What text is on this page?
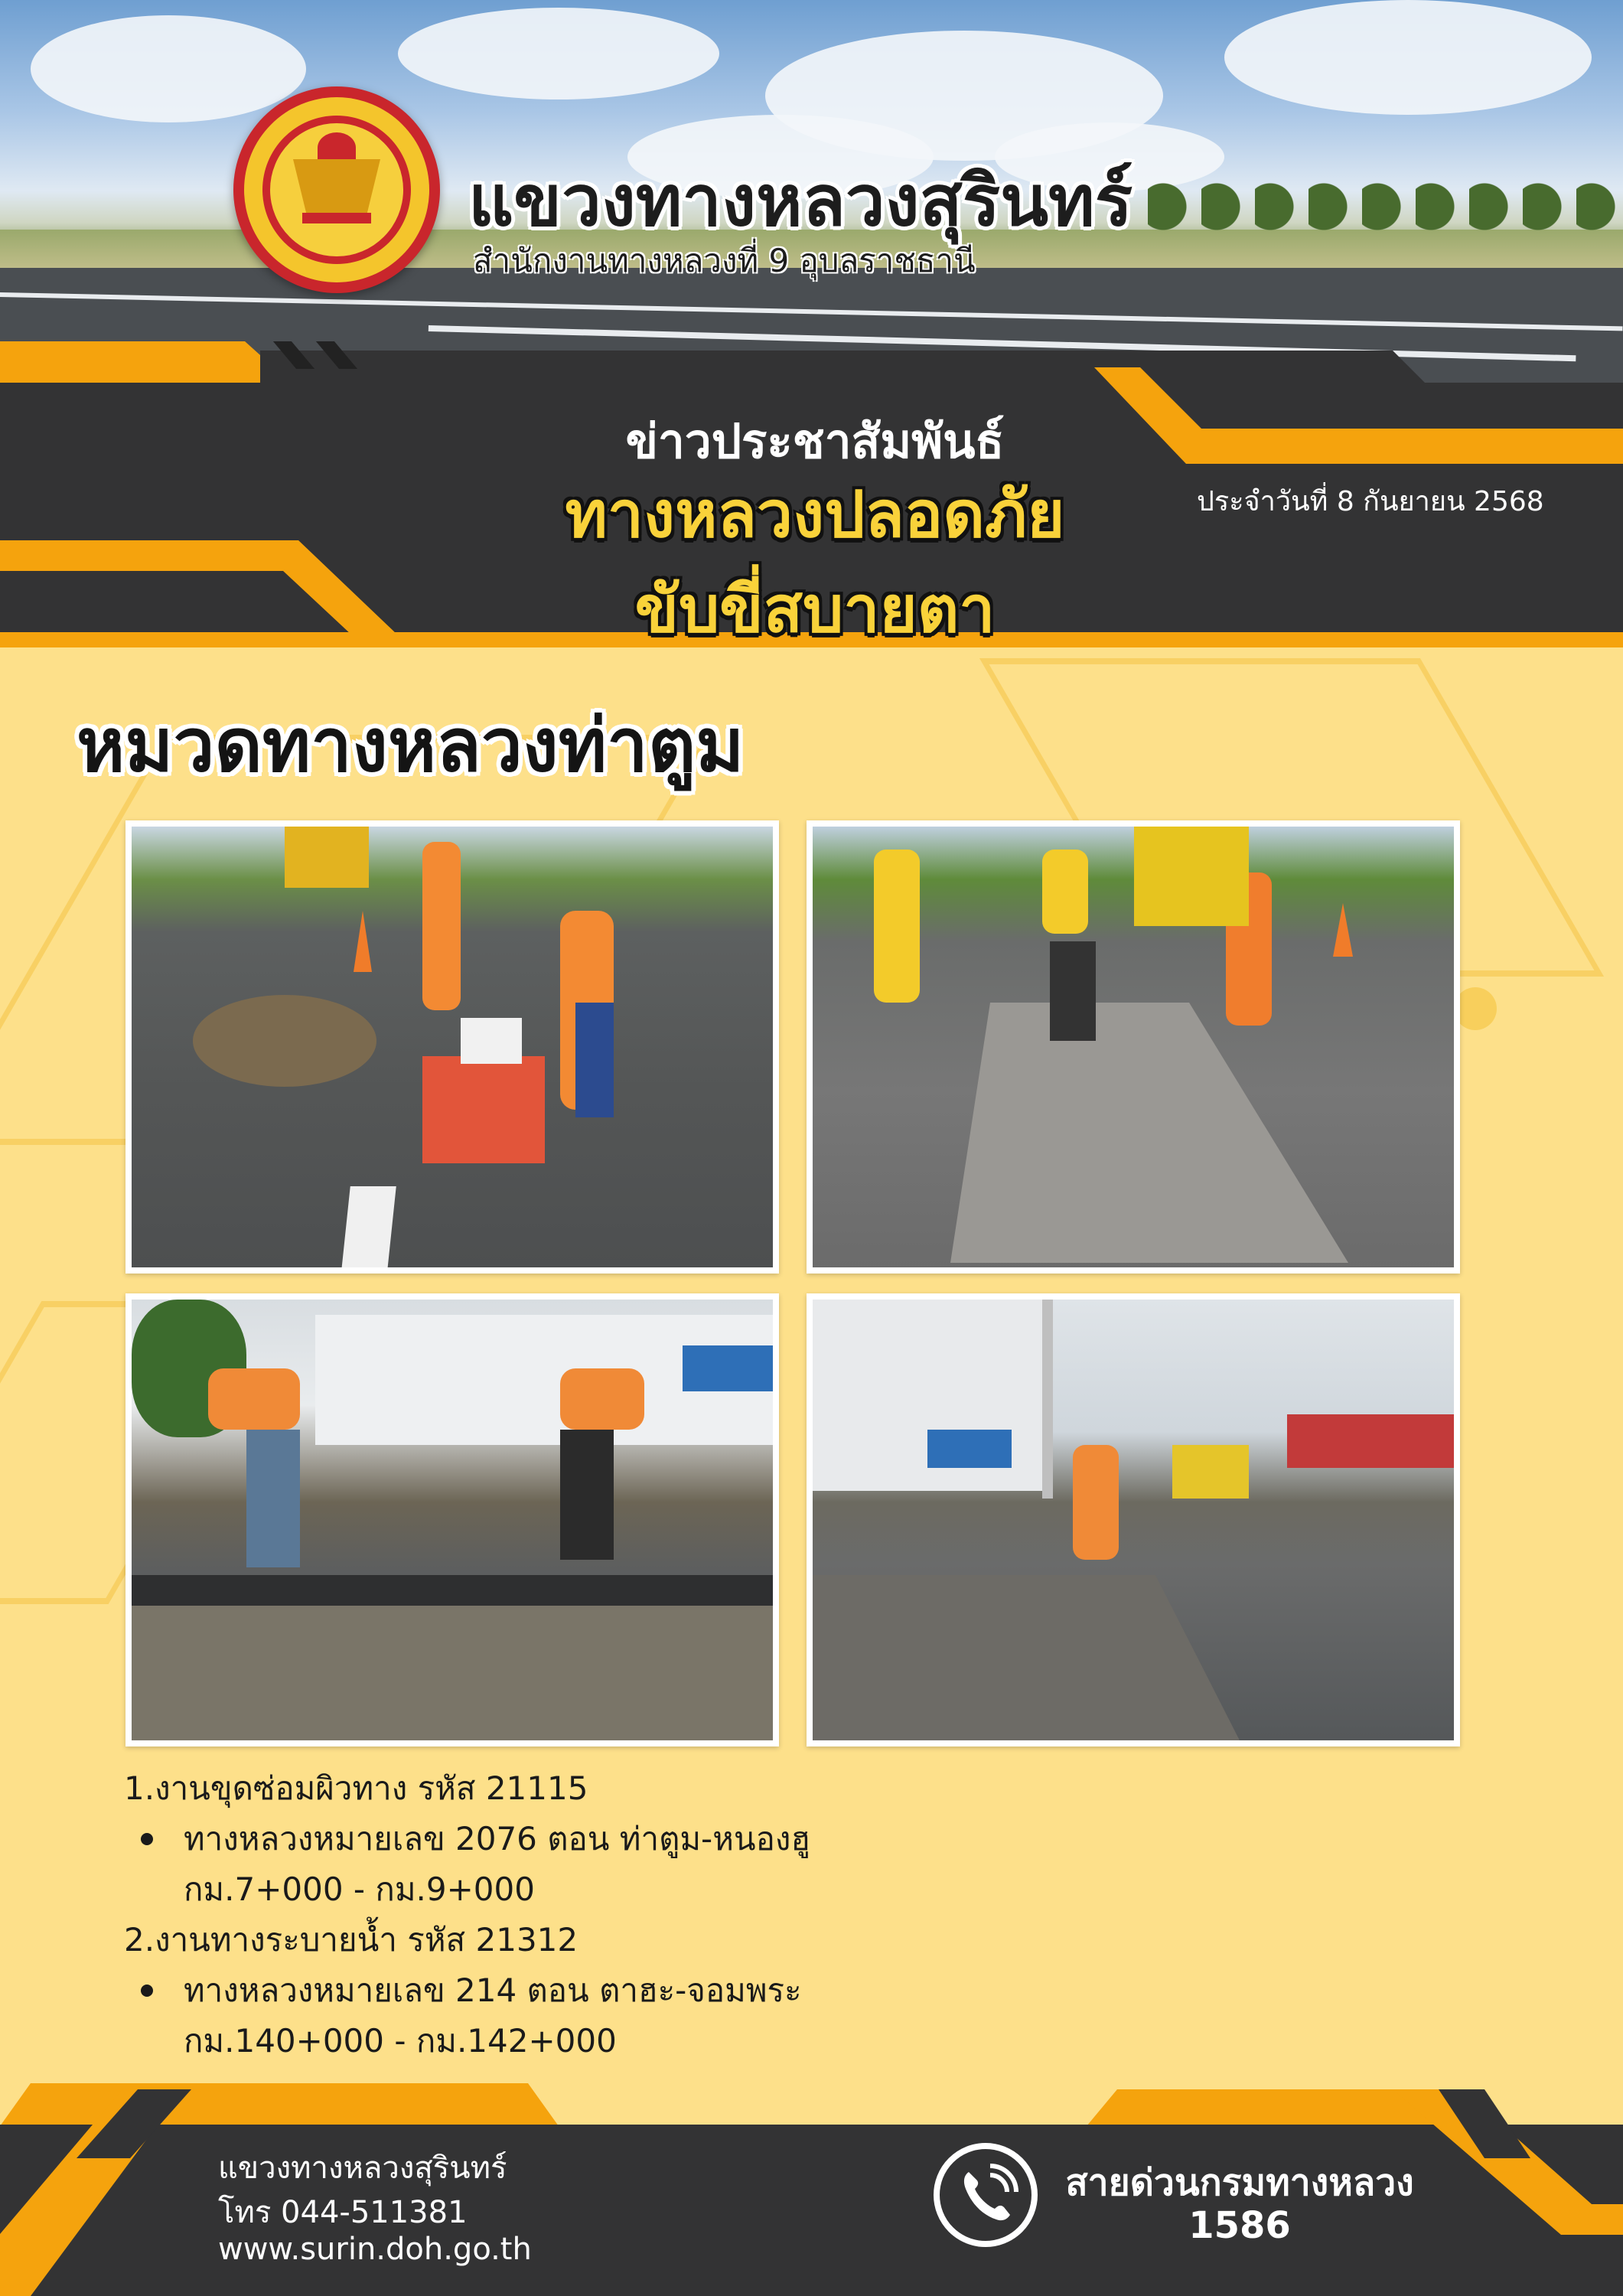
แขวงทางหลวงสุรินทร์
สำนักงานทางหลวงที่ 9 อุบลราชธานี
ข่าวประชาสัมพันธ์
ทางหลวงปลอดภัย
ขับขี่สบายตา
ประจำวันที่ 8 กันยายน 2568
หมวดทางหลวงท่าตูม
1.งานขุดซ่อมผิวทาง รหัส 21115
ทางหลวงหมายเลข 2076 ตอน ท่าตูม-หนองฮู
กม.7+000 - กม.9+000
2.งานทางระบายน้ำ รหัส 21312
ทางหลวงหมายเลข 214 ตอน ตาฮะ-จอมพระ
กม.140+000 - กม.142+000
แขวงทางหลวงสุรินทร์
โทร 044-511381
www.surin.doh.go.th
สายด่วนกรมทางหลวง
1586
